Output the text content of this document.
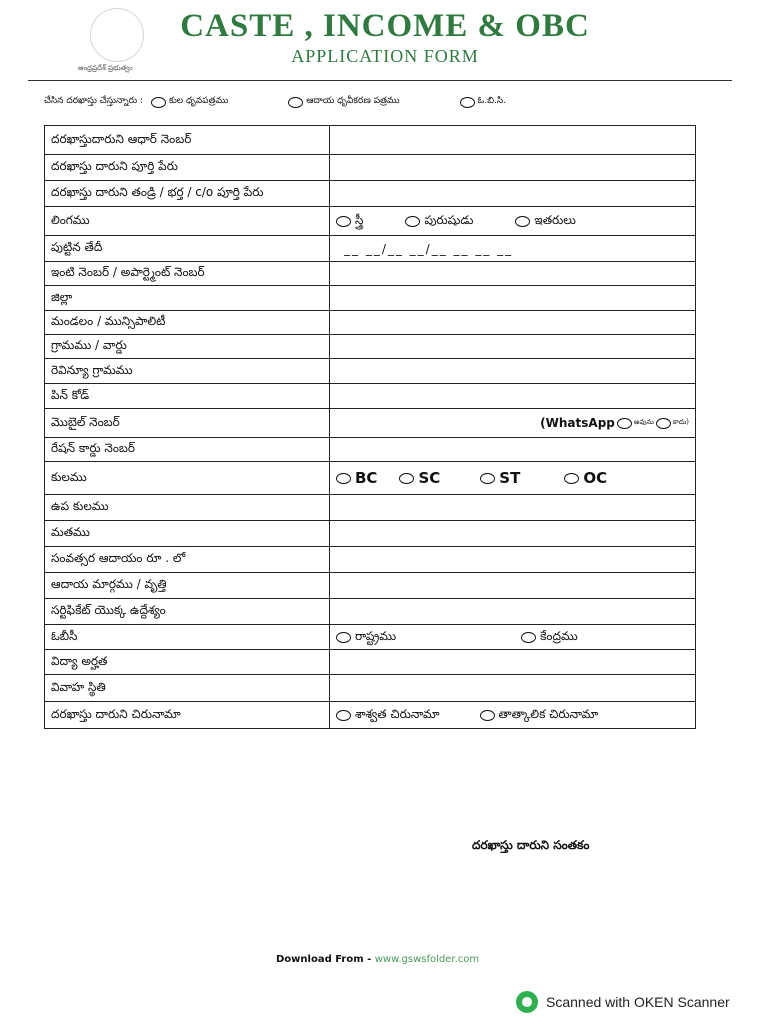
ఆంధ్రప్రదేశ్ ప్రభుత్వం
CASTE , INCOME & OBC
APPLICATION FORM
చేసిన దరఖాస్తు చేస్తున్నారు :	కుల ధృవపత్రము	ఆదాయ ధృవీకరణ పత్రము	ఓ.బి.సి.
దరఖాస్తుదారుని ఆధార్ నెంబర్	
దరఖాస్తు దారుని పూర్తి పేరు	
దరఖాస్తు దారుని తండ్రి / భర్త / c/o పూర్తి పేరు	
లింగము	స్త్రీ పురుషుడు ఇతరులు

పుట్టిన తేదీ	__ __/__ __/__ __ __ __
ఇంటి నెంబర్ / అపార్ట్మెంట్ నెంబర్	
జిల్లా	
మండలం / మున్సిపాలిటీ	
గ్రామము / వార్డు	
రెవిన్యూ గ్రామము	
పిన్ కోడ్	
మొబైల్ నెంబర్	(WhatsApp అవును కాదు)

రేషన్ కార్డు నెంబర్	
కులము	BC SC ST OC

ఉప కులము	
మతము	
సంవత్సర ఆదాయం రూ . లో	
ఆదాయ మార్గము / వృత్తి	
సర్టిఫికేట్ యొక్క ఉద్దేశ్యం	
ఓబీసీ	రాష్ట్రము కేంద్రము

విద్యా అర్హత	
వివాహ స్థితి	
దరఖాస్తు దారుని చిరునామా	శాశ్వత చిరునామా తాత్కాలిక చిరునామా
దరఖాస్తు దారుని సంతకం
Download From - www.gswsfolder.com
Scanned with OKEN Scanner
